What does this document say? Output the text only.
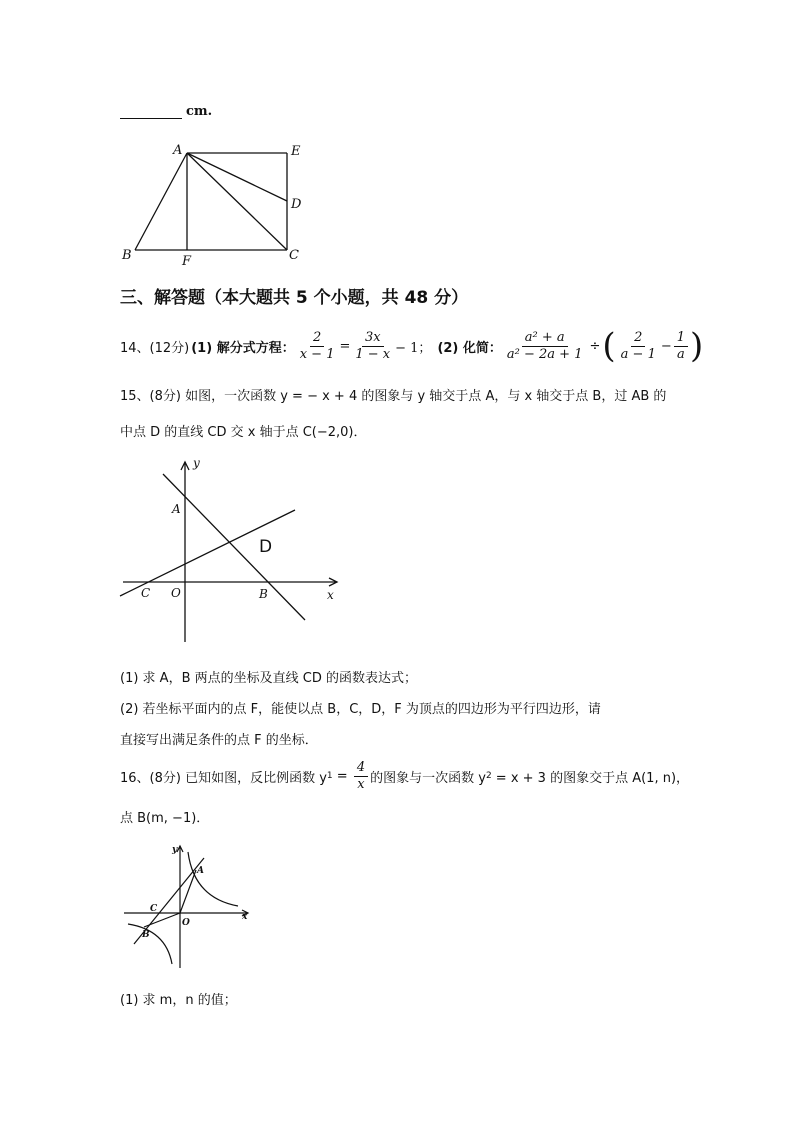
cm.
A	E
D
B	F	C
三、解答题（本大题共 5 个小题，共 48 分）
14、(12分) (1) 解分式方程： $\frac{2}{x - 1} = \frac{3x}{1 - x} - 1$； (2) 化简： $\frac{\text{a² + a}}{\text{a² − 2a + 1}}$ ÷ ( $\frac{2}{a - 1} - \frac{1}{a}$ )
15、(8分) 如图，一次函数 y = − x + 4 的图象与 y 轴交于点 A，与 x 轴交于点 B，过 AB 的
中点 D 的直线 CD 交 x 轴于点 C(−2,0)．
y
A
C O	B	x
D
(1) 求 A，B 两点的坐标及直线 CD 的函数表达式；
(2) 若坐标平面内的点 F，能使以点 B，C，D，F 为顶点的四边形为平行四边形，请
直接写出满足条件的点 F 的坐标．
16、(8分) 已知如图，反比例函数 y $1 = \frac{4}{x}$ 的图象与一次函数 y 2 = x + 3 的图象交于点 A(1, n)，
点 B(m, −1)．
y
A
C
O
B
x
(1) 求 m，n 的值；
